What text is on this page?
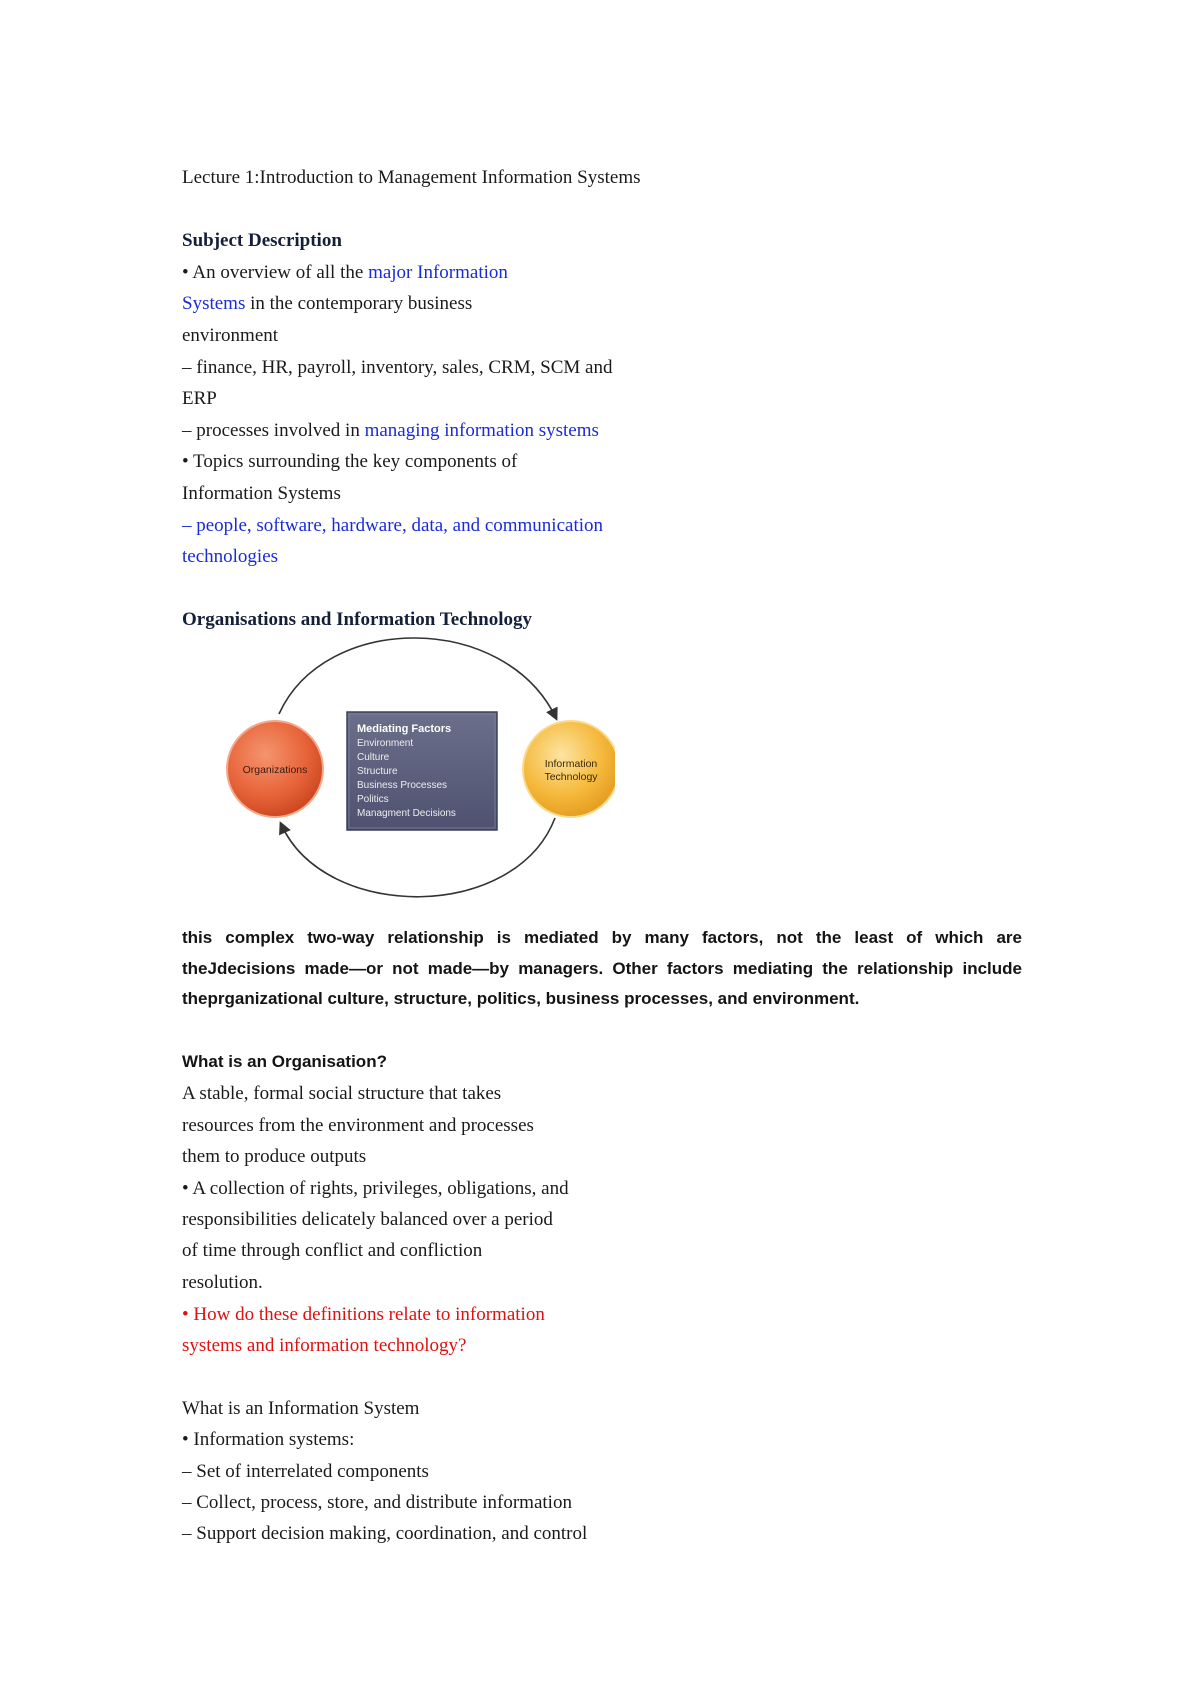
Lecture 1:Introduction to Management Information Systems
Subject Description
• An overview of all the major Information
Systems in the contemporary business
environment
– finance, HR, payroll, inventory, sales, CRM, SCM and
ERP
– processes involved in managing information systems
• Topics surrounding the key components of
Information Systems
– people, software, hardware, data, and communication
technologies
Organisations and Information Technology
Organizations	Information
Technology
Mediating Factors
Environment
Culture
Structure
Business Processes
Politics
Managment Decisions
this complex two-way relationship is mediated by many factors, not the least of which are
theJdecisions made—or not made—by managers. Other factors mediating the relationship include
theprganizational culture, structure, politics, business processes, and environment.
What is an Organisation?
A stable, formal social structure that takes
resources from the environment and processes
them to produce outputs
• A collection of rights, privileges, obligations, and
responsibilities delicately balanced over a period
of time through conflict and confliction
resolution.
• How do these definitions relate to information
systems and information technology?
What is an Information System
• Information systems:
– Set of interrelated components
– Collect, process, store, and distribute information
– Support decision making, coordination, and control
